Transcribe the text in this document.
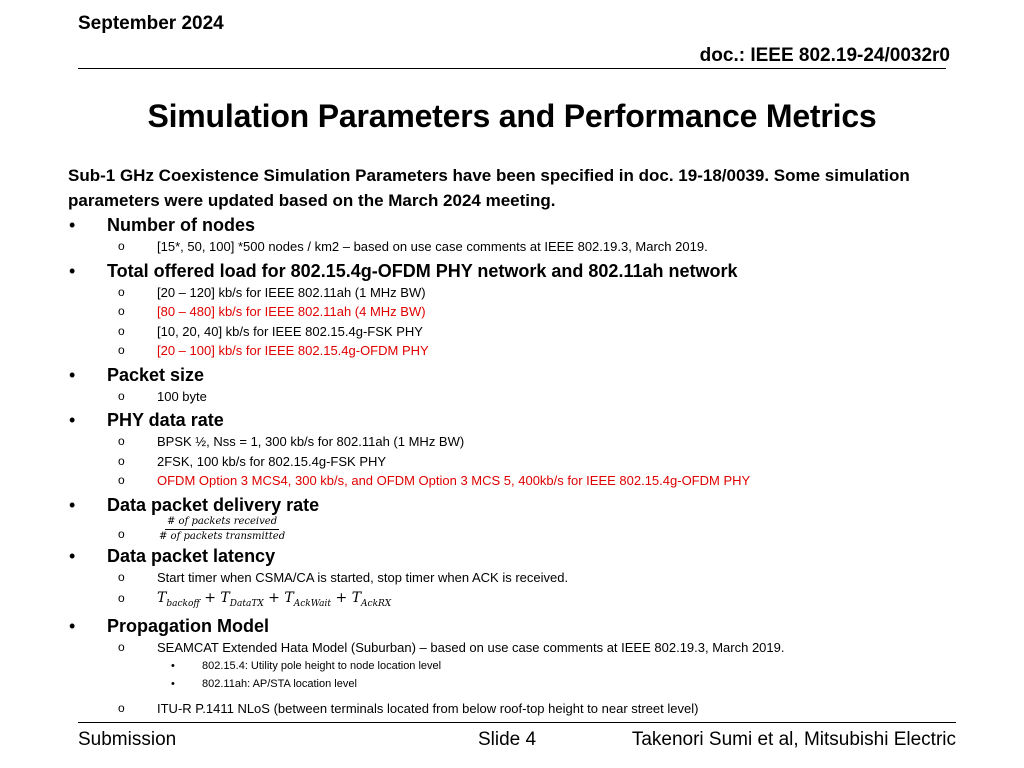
September 2024
doc.: IEEE 802.19-24/0032r0
Simulation Parameters and Performance Metrics
Sub-1 GHz Coexistence Simulation Parameters have been specified in doc. 19-18/0039. Some simulation parameters were updated based on the March 2024 meeting.
• Number of nodes
o [15*, 50, 100] *500 nodes / km2 – based on use case comments at IEEE 802.19.3, March 2019.
• Total offered load for 802.15.4g-OFDM PHY network and 802.11ah network
o [20 – 120] kb/s for IEEE 802.11ah (1 MHz BW)
o [80 – 480] kb/s for IEEE 802.11ah (4 MHz BW)
o [10, 20, 40] kb/s for IEEE 802.15.4g-FSK PHY
o [20 – 100] kb/s for IEEE 802.15.4g-OFDM PHY
• Packet size
o 100 byte
• PHY data rate
o BPSK ½, Nss = 1, 300 kb/s for 802.11ah (1 MHz BW)
o 2FSK, 100 kb/s for 802.15.4g-FSK PHY
o OFDM Option 3 MCS4, 300 kb/s, and OFDM Option 3 MCS 5, 400kb/s for IEEE 802.15.4g-OFDM PHY
• Data packet delivery rate
o	$\frac{\text{\# of packets received}}{\text{\# of packets transmitted}}$
• Data packet latency
o Start timer when CSMA/CA is started, stop timer when ACK is received.
o $T_{backoff} + T_{DataTX} + T_{AckWait} + T_{AckRX}$
• Propagation Model
o SEAMCAT Extended Hata Model (Suburban) – based on use case comments at IEEE 802.19.3, March 2019.
• 802.15.4: Utility pole height to node location level
• 802.11ah: AP/STA location level
o ITU-R P.1411 NLoS (between terminals located from below roof-top height to near street level)
Submission	Slide 4	Takenori Sumi et al, Mitsubishi Electric
